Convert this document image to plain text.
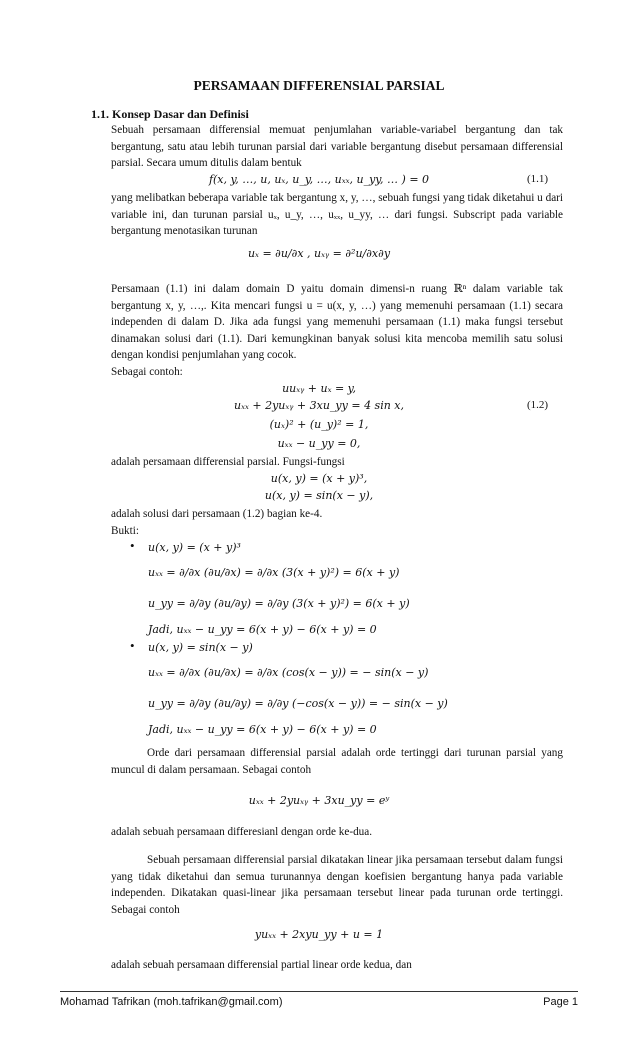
PERSAMAAN DIFFERENSIAL PARSIAL
1.1. Konsep Dasar dan Definisi
Sebuah persamaan differensial memuat penjumlahan variable-variabel bergantung dan tak bergantung, satu atau lebih turunan parsial dari variable bergantung disebut persamaan differensial parsial. Secara umum ditulis dalam bentuk
f(x, y, …, u, uₓ, u_y, …, uₓₓ, u_yy, … ) = 0	(1.1)
yang melibatkan beberapa variable tak bergantung x, y, …, sebuah fungsi yang tidak diketahui u dari variable ini, dan turunan parsial uₓ, u_y, …, uₓₓ, u_yy, … dari fungsi. Subscript pada variable bergantung menotasikan turunan
uₓ = ∂u/∂x , uₓᵧ = ∂²u/∂x∂y
Persamaan (1.1) ini dalam domain D yaitu domain dimensi-n ruang ℝⁿ dalam variable tak bergantung x, y, …,. Kita mencari fungsi u = u(x, y, …) yang memenuhi persamaan (1.1) secara independen di dalam D. Jika ada fungsi yang memenuhi persamaan (1.1) maka fungsi tersebut dinamakan solusi dari (1.1). Dari kemungkinan banyak solusi kita mencoba memilih satu solusi dengan kondisi penjumlahan yang cocok.
Sebagai contoh:
uuₓᵧ + uₓ = y,
uₓₓ + 2yuₓᵧ + 3xu_yy = 4 sin x,	(1.2)
(uₓ)² + (u_y)² = 1,
uₓₓ − u_yy = 0,
adalah persamaan differensial parsial. Fungsi-fungsi
u(x, y) = (x + y)³,
u(x, y) = sin(x − y),
adalah solusi dari persamaan (1.2) bagian ke-4.
Bukti:
• u(x, y) = (x + y)³
uₓₓ = ∂/∂x (∂u/∂x) = ∂/∂x (3(x + y)²) = 6(x + y)
u_yy = ∂/∂y (∂u/∂y) = ∂/∂y (3(x + y)²) = 6(x + y)
Jadi, uₓₓ − u_yy = 6(x + y) − 6(x + y) = 0
• u(x, y) = sin(x − y)
uₓₓ = ∂/∂x (∂u/∂x) = ∂/∂x (cos(x − y)) = − sin(x − y)
u_yy = ∂/∂y (∂u/∂y) = ∂/∂y (−cos(x − y)) = − sin(x − y)
Jadi, uₓₓ − u_yy = 6(x + y) − 6(x + y) = 0
Orde dari persamaan differensial parsial adalah orde tertinggi dari turunan parsial yang muncul di dalam persamaan. Sebagai contoh
uₓₓ + 2yuₓᵧ + 3xu_yy = eʸ
adalah sebuah persamaan differesianl dengan orde ke-dua.
Sebuah persamaan differensial parsial dikatakan linear jika persamaan tersebut dalam fungsi yang tidak diketahui dan semua turunannya dengan koefisien bergantung hanya pada variable independen. Dikatakan quasi-linear jika persamaan tersebut linear pada turunan orde tertinggi. Sebagai contoh
yuₓₓ + 2xyu_yy + u = 1
adalah sebuah persamaan differensial partial linear orde kedua, dan
Mohamad Tafrikan (moh.tafrikan@gmail.com)	Page 1
